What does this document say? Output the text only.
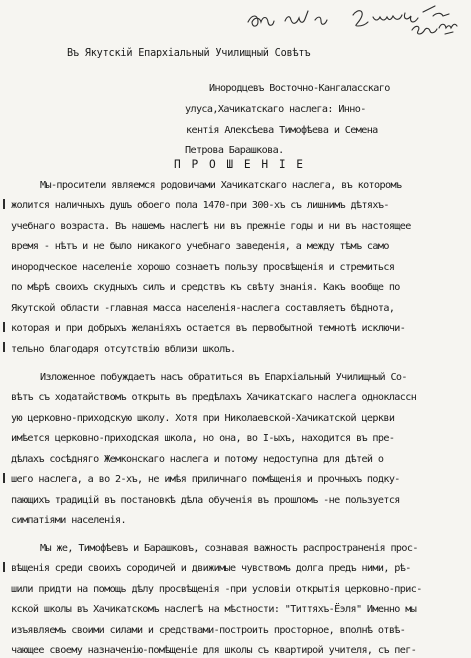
Въ Якутскій Епархіальный Училищный Совѣтъ
Инородцевъ Восточно-Кангаласскаго
улуса,Хачикатскаго наслега: Инно-
кентія Алексѣева Тимофѣева и Семена
Петрова Барашкова.
П Р О Ш Е Н І Е
Мы-просители являемся родовичами Хачикатскаго наслега, въ которомъ
жолится наличныхъ душъ обоего пола 1470-при 300-хъ съ лишнимъ дѣтяхъ-
учебнаго возраста. Въ нашемъ наслегѣ ни въ прежніе годы и ни въ настоящее
время - нѣтъ и не было никакого учебнаго заведенія, а между тѣмъ само
инородческое населеніе хорошо сознаетъ пользу просвѣщенія и стремиться
по мѣрѣ своихъ скудныхъ силъ и средствъ къ свѣту знанія. Какъ вообще по
Якутской области -главная масса населенія-наслега составляетъ бѣднота,
которая и при добрыхъ желаніяхъ остается въ первобытной темнотѣ исключи-
тельно благодаря отсутствію вблизи школъ.
Изложенное побуждаетъ насъ обратиться въ Епархіальный Училищный Со-
вѣтъ съ ходатайствомъ открыть въ предѣлахъ Хачикатскаго наслега одноклассн
ую церковно-приходскую школу. Хотя при Николаевской-Хачикатской церкви
имѣется церковно-приходская школа, но она, во I-ыхъ, находится въ пре-
дѣлахъ сосѣдняго Жемконскаго наслега и потому недоступна для дѣтей о
шего наслега, а во 2-хъ, не имѣя приличнаго помѣщенія и прочныхъ подку-
пающихъ традицій въ постановкѣ дѣла обученія въ прошломъ -не пользуется
симпатіями населенія.
Мы же, Тимофѣевъ и Барашковъ, сознавая важность распространенія прос-
вѣщенія среди своихъ сородичей и движимые чувствомъ долга предъ ними, рѣ-
шили придти на помощь дѣлу просвѣщенія -при условіи открытія церковно-прис-
кской школы въ Хачикатскомъ наслегѣ на мѣстности: "Титтяхъ-Ёэля" Именно мы
изъявляемъ своими силами и средствами-построить просторное, вполнѣ отвѣ-
чающее своему назначенію-помѣщеніе для школы съ квартирой учителя, съ пег-
